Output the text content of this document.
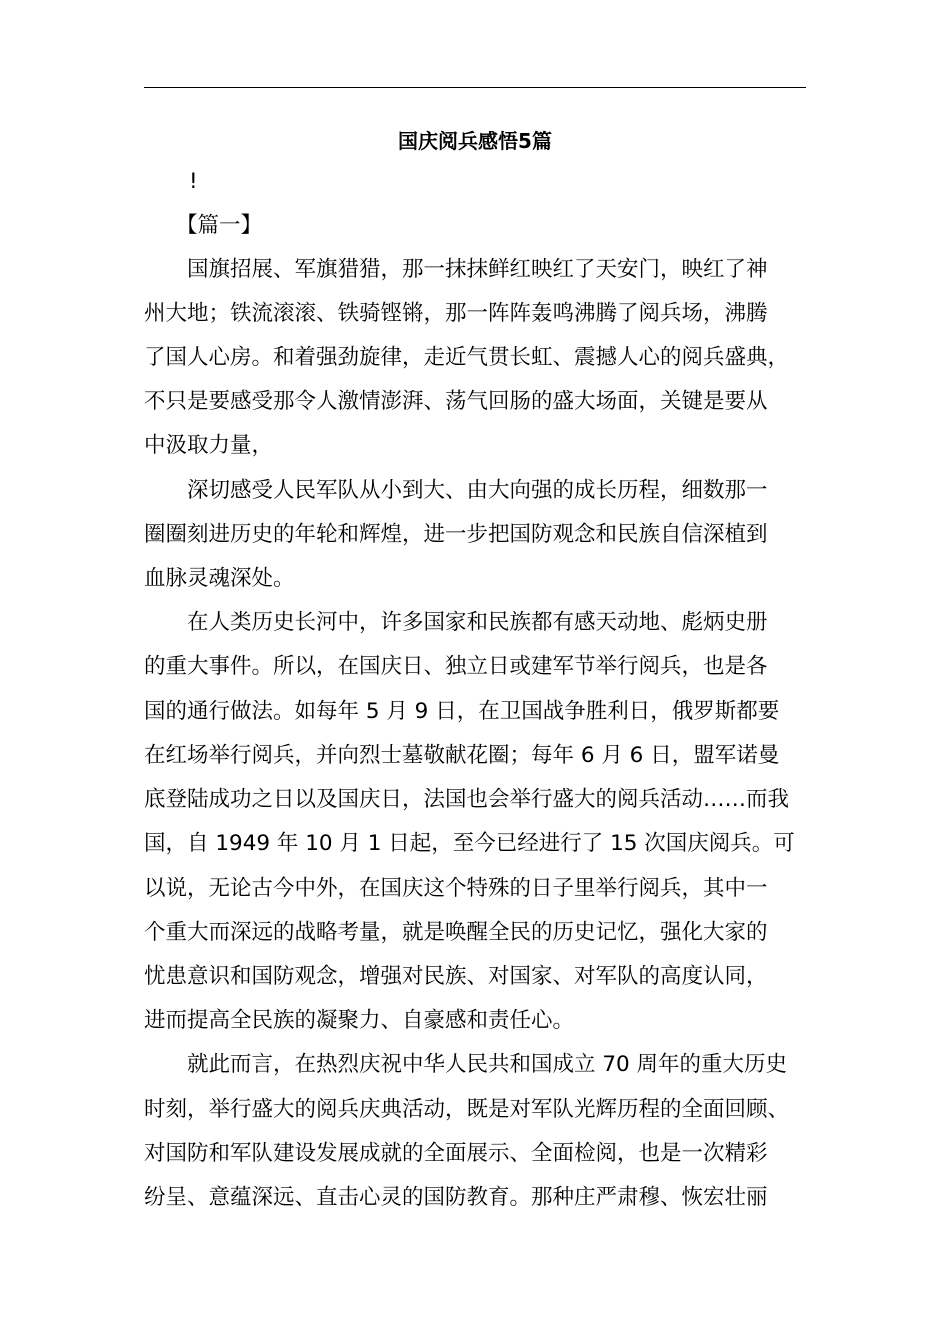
国庆阅兵感悟5篇
!
【篇一】
　　国旗招展、军旗猎猎，那一抹抹鲜红映红了天安门，映红了神
州大地；铁流滚滚、铁骑铿锵，那一阵阵轰鸣沸腾了阅兵场，沸腾
了国人心房。和着强劲旋律，走近气贯长虹、震撼人心的阅兵盛典，
不只是要感受那令人激情澎湃、荡气回肠的盛大场面，关键是要从
中汲取力量，
　　深切感受人民军队从小到大、由大向强的成长历程，细数那一
圈圈刻进历史的年轮和辉煌，进一步把国防观念和民族自信深植到
血脉灵魂深处。
　　在人类历史长河中，许多国家和民族都有感天动地、彪炳史册
的重大事件。所以，在国庆日、独立日或建军节举行阅兵，也是各
国的通行做法。如每年 5 月 9 日，在卫国战争胜利日，俄罗斯都要
在红场举行阅兵，并向烈士墓敬献花圈；每年 6 月 6 日，盟军诺曼
底登陆成功之日以及国庆日，法国也会举行盛大的阅兵活动……而我
国，自 1949 年 10 月 1 日起，至今已经进行了 15 次国庆阅兵。可
以说，无论古今中外，在国庆这个特殊的日子里举行阅兵，其中一
个重大而深远的战略考量，就是唤醒全民的历史记忆，强化大家的
忧患意识和国防观念，增强对民族、对国家、对军队的高度认同，
进而提高全民族的凝聚力、自豪感和责任心。
　　就此而言，在热烈庆祝中华人民共和国成立 70 周年的重大历史
时刻，举行盛大的阅兵庆典活动，既是对军队光辉历程的全面回顾、
对国防和军队建设发展成就的全面展示、全面检阅，也是一次精彩
纷呈、意蕴深远、直击心灵的国防教育。那种庄严肃穆、恢宏壮丽
